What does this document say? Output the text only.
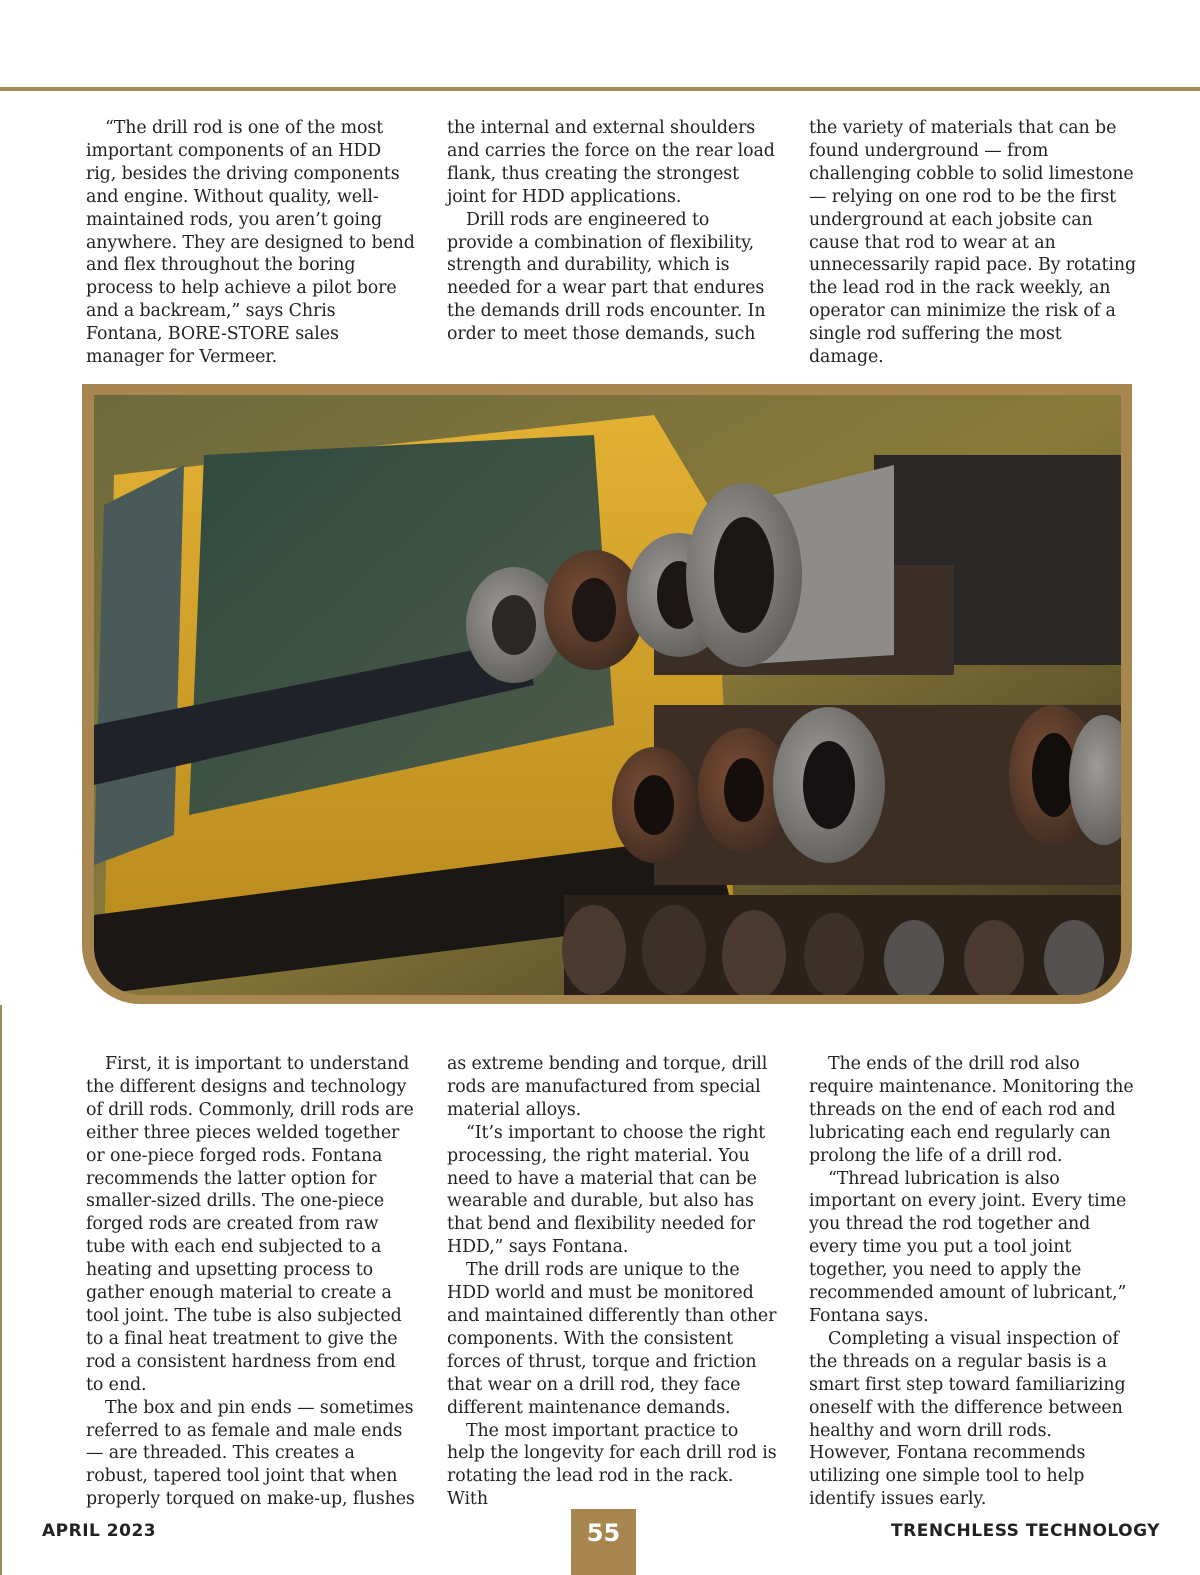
“The drill rod is one of the most important components of an HDD rig, besides the driving components and engine. Without quality, well-maintained rods, you aren’t going anywhere. They are designed to bend and flex throughout the boring process to help achieve a pilot bore and a backream,” says Chris Fontana, BORE-STORE sales manager for Vermeer.

the internal and external shoulders and carries the force on the rear load flank, thus creating the strongest joint for HDD applications.

Drill rods are engineered to provide a combination of flexibility, strength and durability, which is needed for a wear part that endures the demands drill rods encounter. In order to meet those demands, such

the variety of materials that can be found underground — from challenging cobble to solid limestone — relying on one rod to be the first underground at each jobsite can cause that rod to wear at an unnecessarily rapid pace. By rotating the lead rod in the rack weekly, an operator can minimize the risk of a single rod suffering the most damage.

First, it is important to understand the different designs and technology of drill rods. Commonly, drill rods are either three pieces welded together or one-piece forged rods. Fontana recommends the latter option for smaller-sized drills. The one-piece forged rods are created from raw tube with each end subjected to a heating and upsetting process to gather enough material to create a tool joint. The tube is also subjected to a final heat treatment to give the rod a consistent hardness from end to end.

The box and pin ends — sometimes referred to as female and male ends — are threaded. This creates a robust, tapered tool joint that when properly torqued on make-up, flushes

as extreme bending and torque, drill rods are manufactured from special material alloys.

“It’s important to choose the right processing, the right material. You need to have a material that can be wearable and durable, but also has that bend and flexibility needed for HDD,” says Fontana.

The drill rods are unique to the HDD world and must be monitored and maintained differently than other components. With the consistent forces of thrust, torque and friction that wear on a drill rod, they face different maintenance demands.

The most important practice to help the longevity for each drill rod is rotating the lead rod in the rack. With

The ends of the drill rod also require maintenance. Monitoring the threads on the end of each rod and lubricating each end regularly can prolong the life of a drill rod.

“Thread lubrication is also important on every joint. Every time you thread the rod together and every time you put a tool joint together, you need to apply the recommended amount of lubricant,” Fontana says.

Completing a visual inspection of the threads on a regular basis is a smart first step toward familiarizing oneself with the difference between healthy and worn drill rods. However, Fontana recommends utilizing one simple tool to help identify issues early.

APRIL 2023	55	TRENCHLESS TECHNOLOGY
